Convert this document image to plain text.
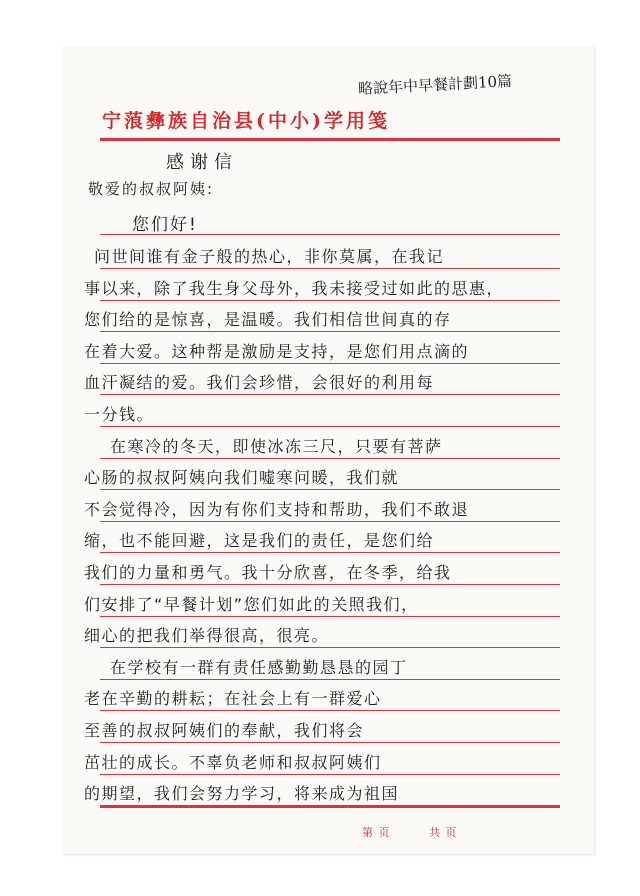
略說年中早餐計劃10篇
宁蒗彝族自治县(中小)学用笺
感谢信
敬爱的叔叔阿姨:
您们好!
问世间谁有金子般的热心，非你莫属，在我记
事以来，除了我生身父母外，我未接受过如此的思惠，
您们给的是惊喜，是温暖。我们相信世间真的存
在着大爱。这种帮是激励是支持，是您们用点滴的
血汗凝结的爱。我们会珍惜，会很好的利用每
一分钱。
在寒冷的冬天，即使冰冻三尺，只要有菩萨
心肠的叔叔阿姨向我们嘘寒问暖，我们就
不会觉得冷，因为有你们支持和帮助，我们不敢退
缩，也不能回避，这是我们的责任，是您们给
我们的力量和勇气。我十分欣喜，在冬季，给我
们安排了“早餐计划”您们如此的关照我们，
细心的把我们举得很高，很亮。
在学校有一群有责任感勤勤恳恳的园丁
老在辛勤的耕耘；在社会上有一群爱心
至善的叔叔阿姨们的奉献，我们将会
茁壮的成长。不辜负老师和叔叔阿姨们
的期望，我们会努力学习，将来成为祖国
第 页	共 页
